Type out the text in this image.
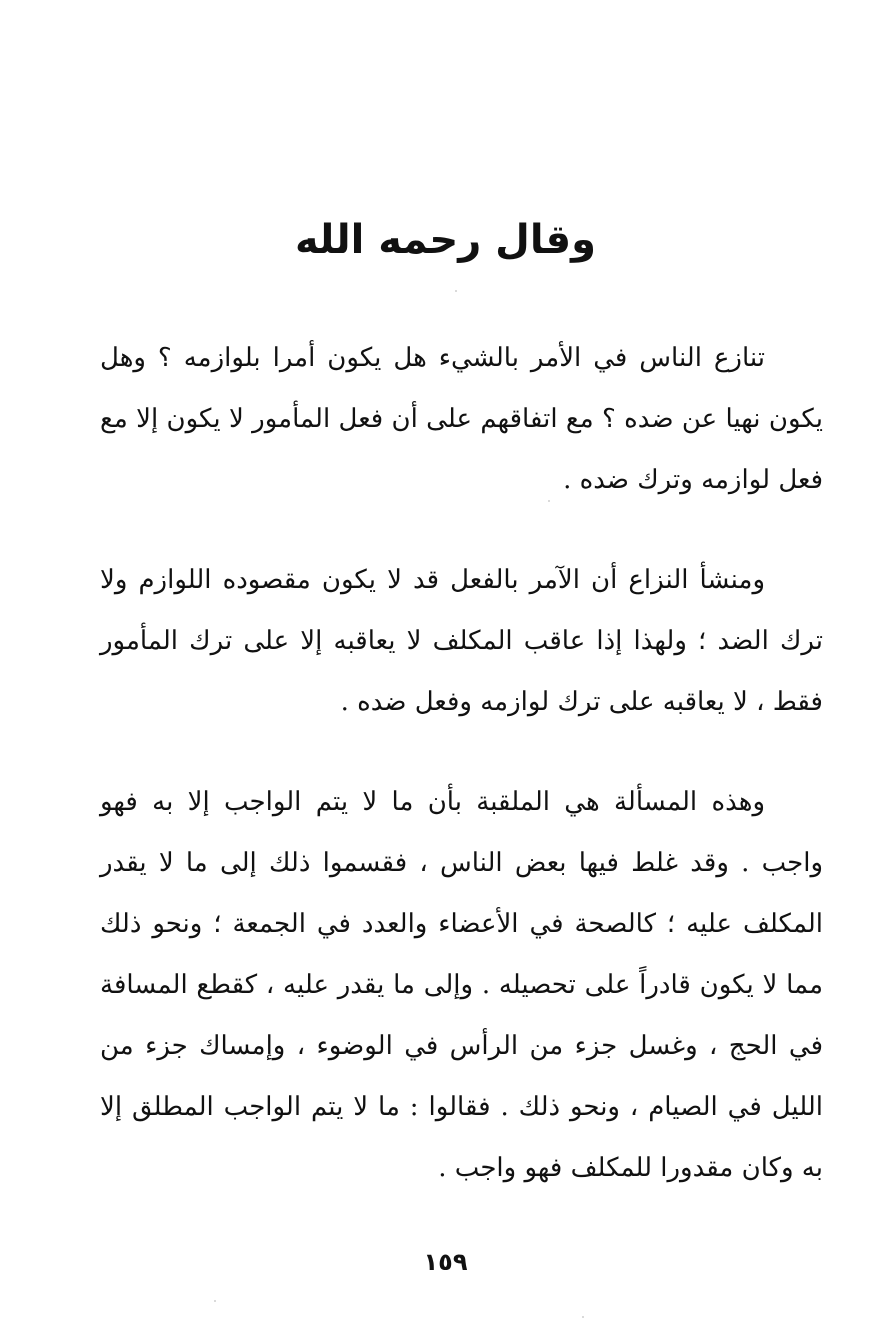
وقال رحمه الله

تنازع الناس في الأمر بالشيء هل يكون أمرا بلوازمه ؟ وهل يكون نهيا عن ضده ؟ مع اتفاقهم على أن فعل المأمور لا يكون إلا مع فعل لوازمه وترك ضده .

ومنشأ النزاع أن الآمر بالفعل قد لا يكون مقصوده اللوازم ولا ترك الضد ؛ ولهذا إذا عاقب المكلف لا يعاقبه إلا على ترك المأمور فقط ، لا يعاقبه على ترك لوازمه وفعل ضده .

وهذه المسألة هي الملقبة بأن ما لا يتم الواجب إلا به فهو واجب . وقد غلط فيها بعض الناس ، فقسموا ذلك إلى ما لا يقدر المكلف عليه ؛ كالصحة في الأعضاء والعدد في الجمعة ؛ ونحو ذلك مما لا يكون قادراً على تحصيله . وإلى ما يقدر عليه ، كقطع المسافة في الحج ، وغسل جزء من الرأس في الوضوء ، وإمساك جزء من الليل في الصيام ، ونحو ذلك . فقالوا : ما لا يتم الواجب المطلق إلا به وكان مقدورا للمكلف فهو واجب .

١٥٩
